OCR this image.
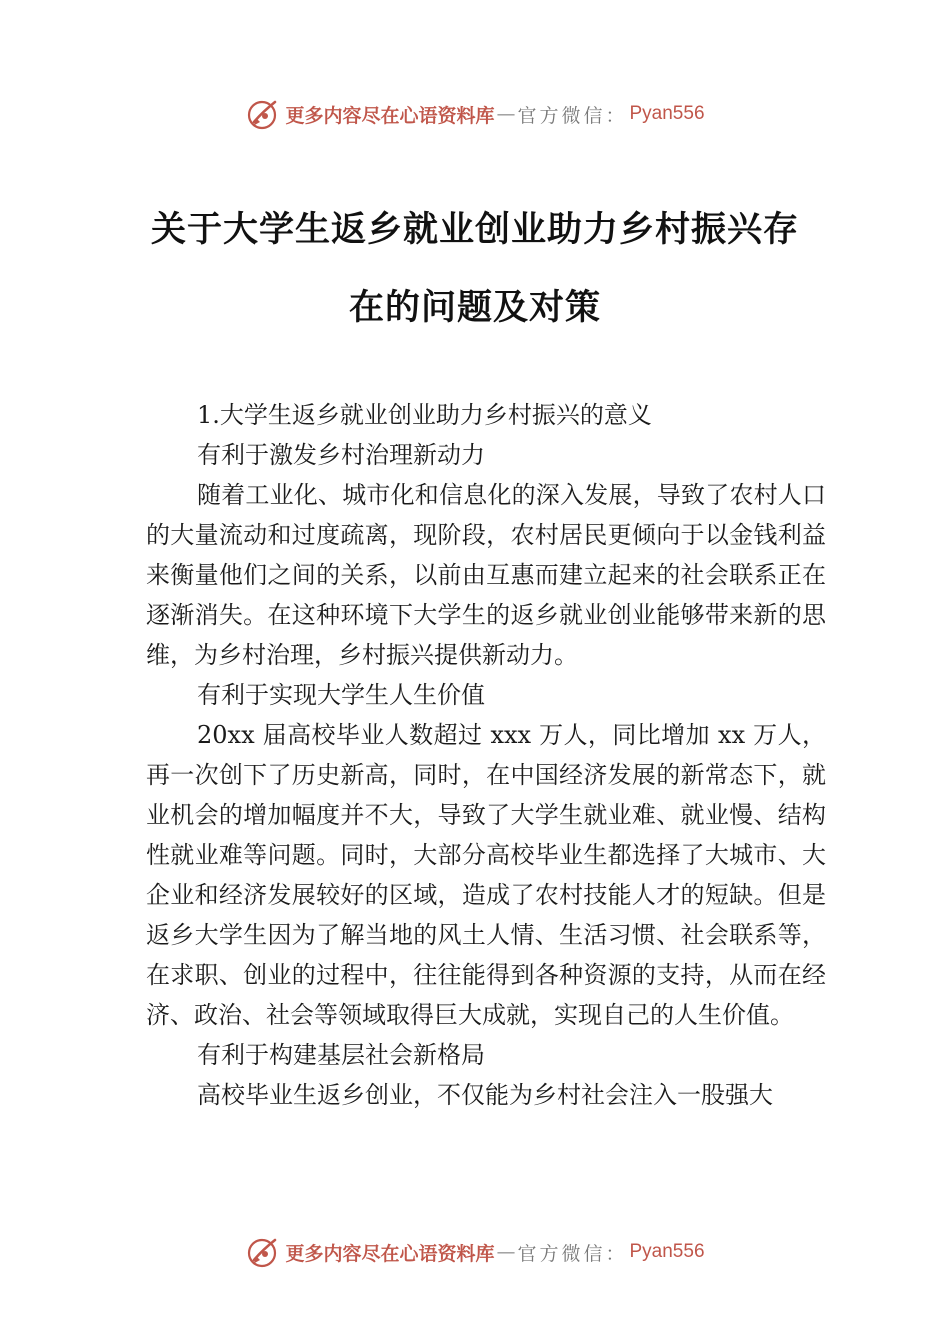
更多内容尽在心语资料库 — 官方微信： Pyan556
关于大学生返乡就业创业助力乡村振兴存
在的问题及对策

1.大学生返乡就业创业助力乡村振兴的意义

有利于激发乡村治理新动力

随着工业化、城市化和信息化的深入发展，导致了农村人口的大量流动和过度疏离，现阶段，农村居民更倾向于以金钱利益来衡量他们之间的关系，以前由互惠而建立起来的社会联系正在逐渐消失。在这种环境下大学生的返乡就业创业能够带来新的思维，为乡村治理，乡村振兴提供新动力。

有利于实现大学生人生价值

20xx 届高校毕业人数超过 xxx 万人，同比增加 xx 万人，再一次创下了历史新高，同时，在中国经济发展的新常态下，就业机会的增加幅度并不大，导致了大学生就业难、就业慢、结构性就业难等问题。同时，大部分高校毕业生都选择了大城市、大企业和经济发展较好的区域，造成了农村技能人才的短缺。但是返乡大学生因为了解当地的风土人情、生活习惯、社会联系等，在求职、创业的过程中，往往能得到各种资源的支持，从而在经济、政治、社会等领域取得巨大成就，实现自己的人生价值。

有利于构建基层社会新格局

高校毕业生返乡创业，不仅能为乡村社会注入一股强大

更多内容尽在心语资料库 — 官方微信： Pyan556
